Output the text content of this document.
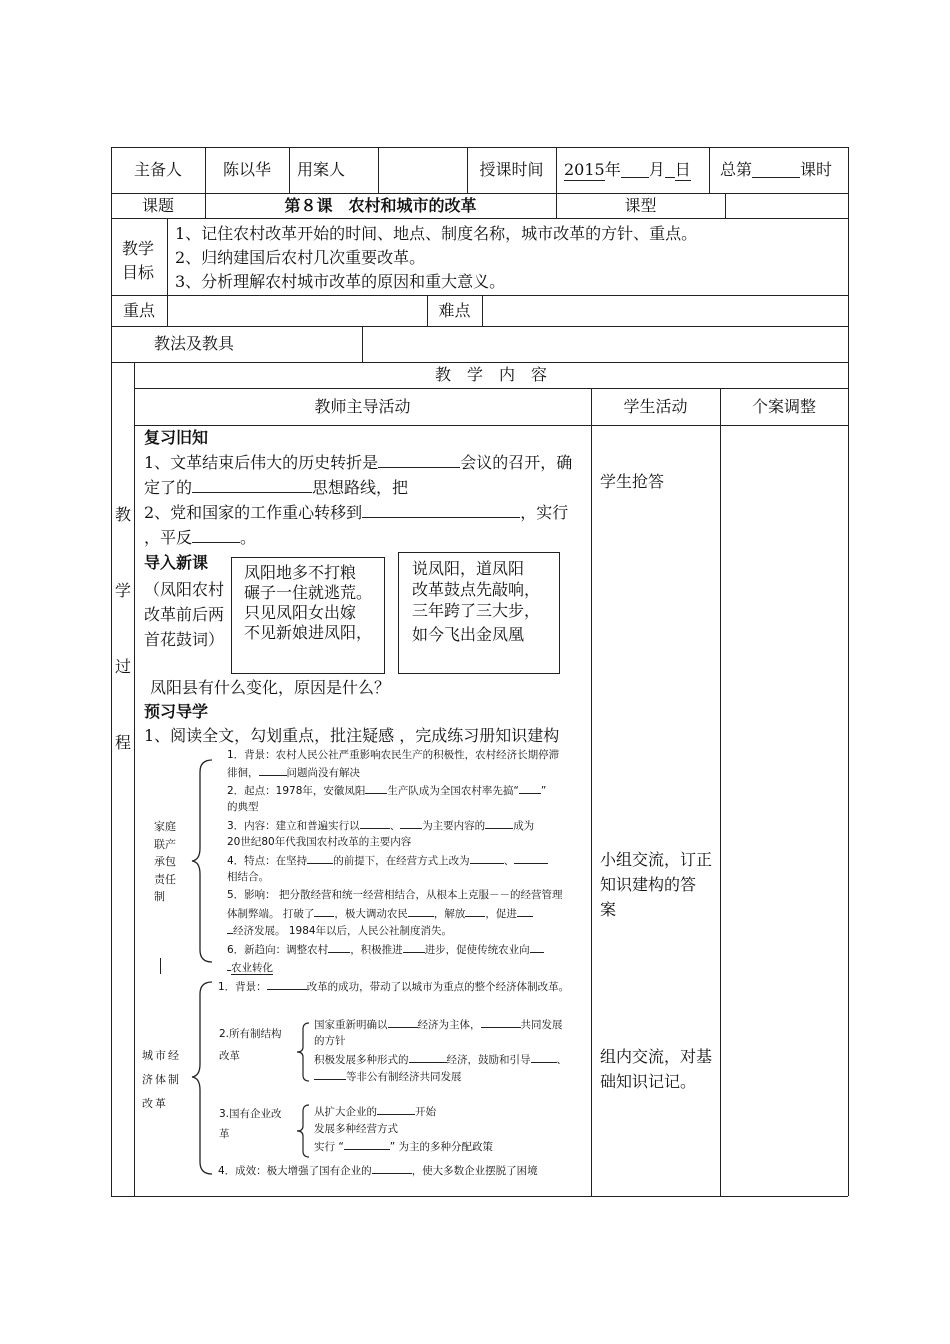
主备人	陈以华 用案人	授课时间 2015 年 月 日 总第	课时
课题	第８课　农村和城市的改革	课型
教学
目标
1、记住农村改革开始的时间、地点、制度名称，城市改革的方针、重点。
2、归纳建国后农村几次重要改革。
3、分析理解农村城市改革的原因和重大意义。
重点	难点
教法及教具
教
学
过
程
教　学　内　容
教师主导活动	学生活动	个案调整
复习旧知
1、文革结束后伟大的历史转折是	会议的召开，确
定了的	思想路线，把
2、党和国家的工作重心转移到	，实行
，平反	。
导入新课
（凤阳农村
改革前后两
首花鼓词）
凤阳地多不打粮
碾子一住就逃荒。
只见凤阳女出嫁
不见新娘进凤阳，
说凤阳，道凤阳
改革鼓点先敲响，
三年跨了三大步，
如今飞出金凤凰
凤阳县有什么变化，原因是什么？
预习导学
1、阅读全文，勾划重点，批注疑感 ，完成练习册知识建构
家庭
联产
承包
责任
制
1．背景：农村人民公社严重影响农民生产的积极性，农村经济长期停滞
徘徊，	问题尚没有解决
2．起点：1978年，安徽凤阳 生产队成为全国农村率先搞“ ”
的典型
3．内容：建立和普遍实行以	、 为主要内容的	成为
20世纪80年代我国农村改革的主要内容
4．特点：在坚持 的前提下，在经营方式上改为	、
相结合。
5．影响： 把分散经营和统一经营相结合，从根本上克服－－的经营管理
体制弊端。 打破了 ，极大调动农民 ，解放 ，促进
经济发展。 1984年以后，人民公社制度消失。
6．新趋向：调整农村 ，积极推进 进步，促使传统农业向
农业转化
城市经
济体制
改革
1．背景：	改革的成功，带动了以城市为重点的整个经济体制改革。
2.所有制结构
改革
国家重新明确以	经济为主体，	共同发展
的方针
积极发展多种形式的	经济，鼓励和引导 、
等非公有制经济共同发展
3.国有企业改
革
从扩大企业的	开始
发展多种经营方式
实行 “	” 为主的多种分配政策
4．成效：极大增强了国有企业的	，使大多数企业摆脱了困境
学生抢答
小组交流，订正
知识建构的答
案
组内交流，对基
础知识记记。
